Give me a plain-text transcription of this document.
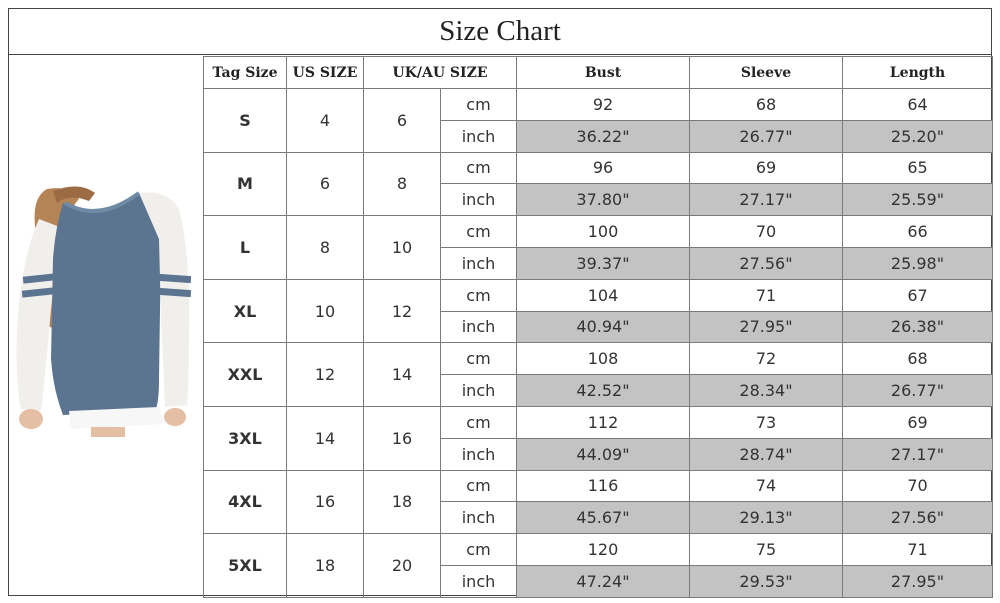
Size Chart
Tag Size	US SIZE	UK/AU SIZE		Bust	Sleeve	Length
S	4	6	cm	92	68	64
			inch	36.22"	26.77"	25.20"
M	6	8	cm	96	69	65
			inch	37.80"	27.17"	25.59"
L	8	10	cm	100	70	66
			inch	39.37"	27.56"	25.98"
XL	10	12	cm	104	71	67
			inch	40.94"	27.95"	26.38"
XXL	12	14	cm	108	72	68
			inch	42.52"	28.34"	26.77"
3XL	14	16	cm	112	73	69
			inch	44.09"	28.74"	27.17"
4XL	16	18	cm	116	74	70
			inch	45.67"	29.13"	27.56"
5XL	18	20	cm	120	75	71
			inch	47.24"	29.53"	27.95"
